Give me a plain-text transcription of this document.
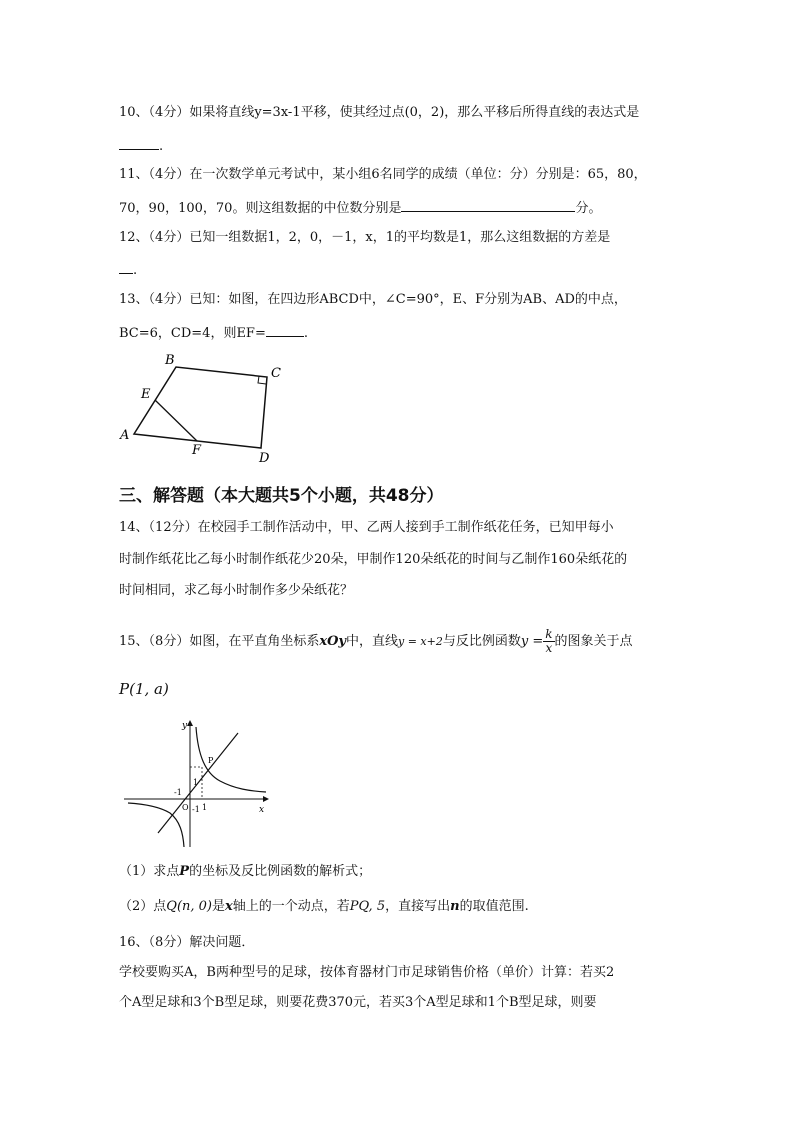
10、（4分）如果将直线y=3x-1平移，使其经过点(0，2)，那么平移后所得直线的表达式是
.
11、（4分）在一次数学单元考试中，某小组6名同学的成绩（单位：分）分别是：65，80，
70，90，100，70。则这组数据的中位数分别是	分。
12、（4分）已知一组数据1，2，0，－1，x，1的平均数是1，那么这组数据的方差是
.
13、（4分）已知：如图，在四边形ABCD中，∠C=90°，E、F分别为AB、AD的中点，
BC=6，CD=4，则EF=	.
B
C
E
A
F
D
三、解答题（本大题共5个小题，共48分）
14、（12分）在校园手工制作活动中，甲、乙两人接到手工制作纸花任务，已知甲每小
时制作纸花比乙每小时制作纸花少20朵，甲制作120朵纸花的时间与乙制作160朵纸花的
时间相同，求乙每小时制作多少朵纸花？
15、（8分）如图，在平直角坐标系xOy中，直线y = x+2与反比例函数$y = \frac{k}{x}$ 的图象关于点
P(1, a)
y
x
P
O 1
1
-1
-1
（1）求点P的坐标及反比例函数的解析式；
（2）点Q(n, 0)是x轴上的一个动点，若PQ, 5，直接写出n的取值范围.
16、（8分）解决问题．
学校要购买A，B两种型号的足球，按体育器材门市足球销售价格（单价）计算：若买2
个A型足球和3个B型足球，则要花费370元，若买3个A型足球和1个B型足球，则要
